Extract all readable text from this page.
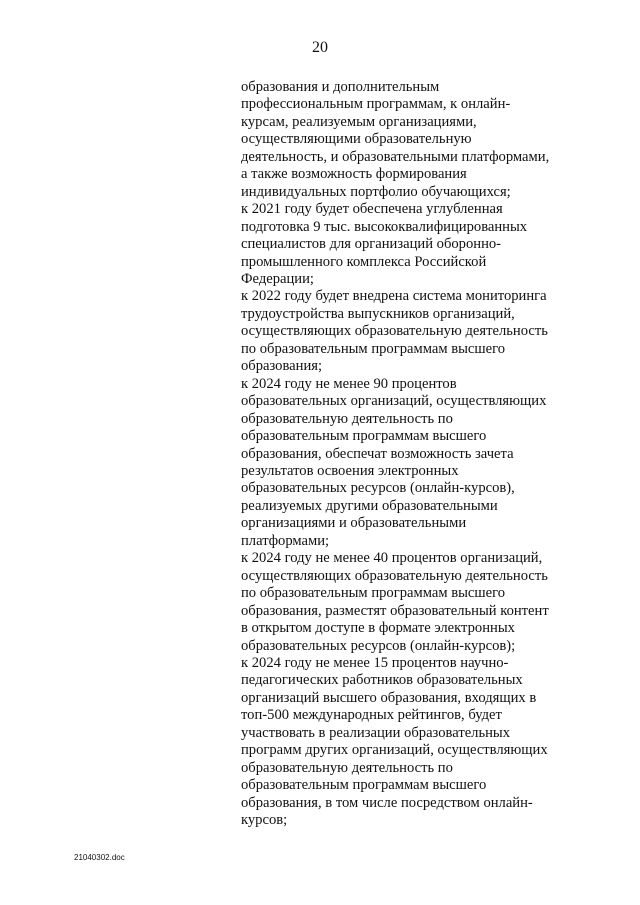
20
образования и дополнительным
профессиональным программам, к онлайн-
курсам, реализуемым организациями,
осуществляющими образовательную
деятельность, и образовательными платформами,
а также возможность формирования
индивидуальных портфолио обучающихся;
к 2021 году будет обеспечена углубленная
подготовка 9 тыс. высококвалифицированных
специалистов для организаций оборонно-
промышленного комплекса Российской
Федерации;
к 2022 году будет внедрена система мониторинга
трудоустройства выпускников организаций,
осуществляющих образовательную деятельность
по образовательным программам высшего
образования;
к 2024 году не менее 90 процентов
образовательных организаций, осуществляющих
образовательную деятельность по
образовательным программам высшего
образования, обеспечат возможность зачета
результатов освоения электронных
образовательных ресурсов (онлайн-курсов),
реализуемых другими образовательными
организациями и образовательными
платформами;
к 2024 году не менее 40 процентов организаций,
осуществляющих образовательную деятельность
по образовательным программам высшего
образования, разместят образовательный контент
в открытом доступе в формате электронных
образовательных ресурсов (онлайн-курсов);
к 2024 году не менее 15 процентов научно-
педагогических работников образовательных
организаций высшего образования, входящих в
топ-500 международных рейтингов, будет
участвовать в реализации образовательных
программ других организаций, осуществляющих
образовательную деятельность по
образовательным программам высшего
образования, в том числе посредством онлайн-
курсов;
21040302.doc
